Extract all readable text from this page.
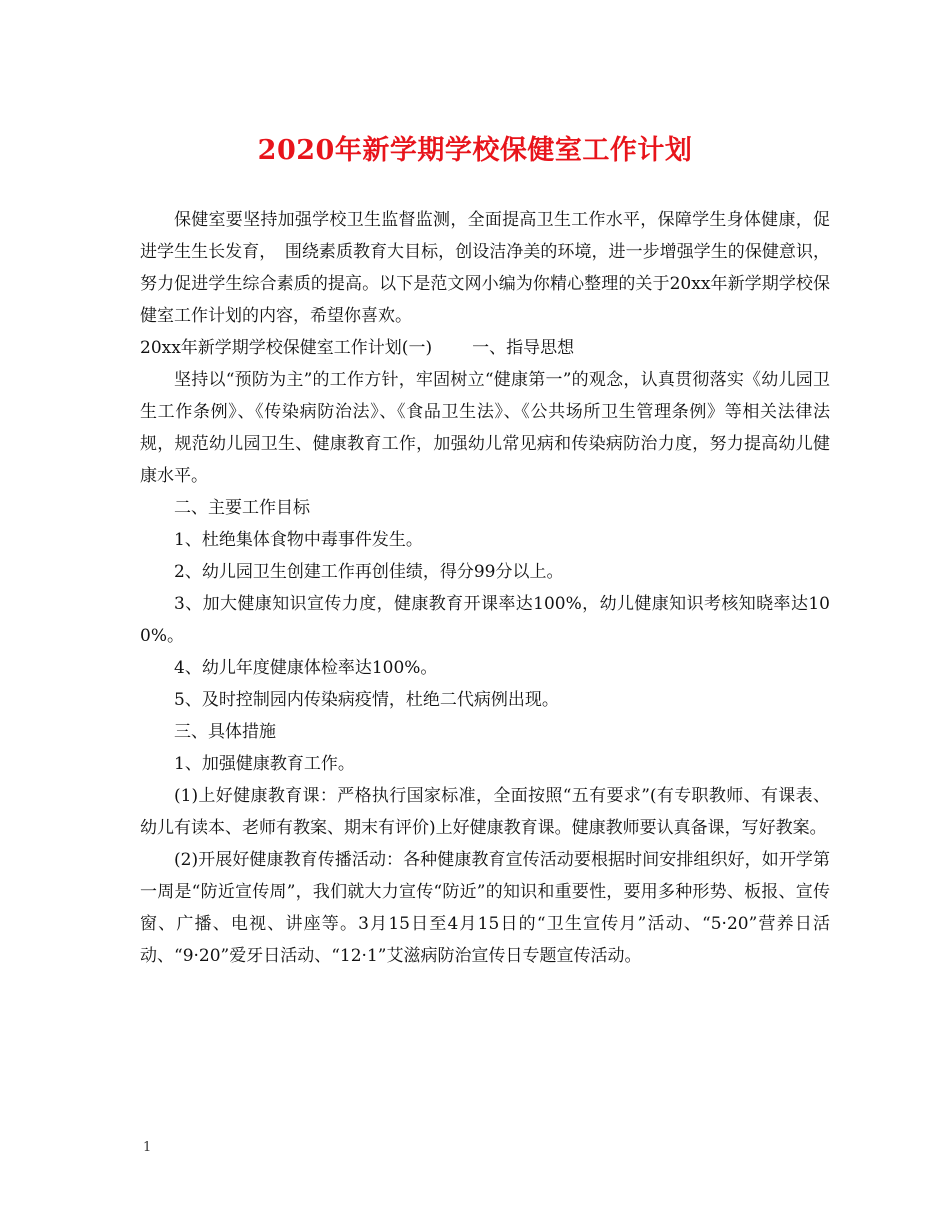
2020年新学期学校保健室工作计划

保健室要坚持加强学校卫生监督监测，全面提高卫生工作水平，保障学生身体健康，促进学生生长发育，　围绕素质教育大目标，创设洁净美的环境，进一步增强学生的保健意识，努力促进学生综合素质的提高。以下是范文网小编为你精心整理的关于20xx年新学期学校保健室工作计划的内容，希望你喜欢。

20xx年新学期学校保健室工作计划(一) 一、指导思想

坚持以“预防为主”的工作方针，牢固树立“健康第一”的观念，认真贯彻落实《幼儿园卫生工作条例》、《传染病防治法》、《食品卫生法》、《公共场所卫生管理条例》等相关法律法规，规范幼儿园卫生、健康教育工作，加强幼儿常见病和传染病防治力度，努力提高幼儿健康水平。

二、主要工作目标

1、杜绝集体食物中毒事件发生。

2、幼儿园卫生创建工作再创佳绩，得分99分以上。

3、加大健康知识宣传力度，健康教育开课率达100%，幼儿健康知识考核知晓率达100%。

4、幼儿年度健康体检率达100%。

5、及时控制园内传染病疫情，杜绝二代病例出现。

三、具体措施

1、加强健康教育工作。

(1)上好健康教育课：严格执行国家标准，全面按照“五有要求”(有专职教师、有课表、幼儿有读本、老师有教案、期末有评价)上好健康教育课。健康教师要认真备课，写好教案。

(2)开展好健康教育传播活动：各种健康教育宣传活动要根据时间安排组织好，如开学第一周是“防近宣传周”，我们就大力宣传“防近”的知识和重要性，要用多种形势、板报、宣传窗、广播、电视、讲座等。3月15日至4月15日的“卫生宣传月”活动、“5·20”营养日活动、“9·20”爱牙日活动、“12·1”艾滋病防治宣传日专题宣传活动。

1
